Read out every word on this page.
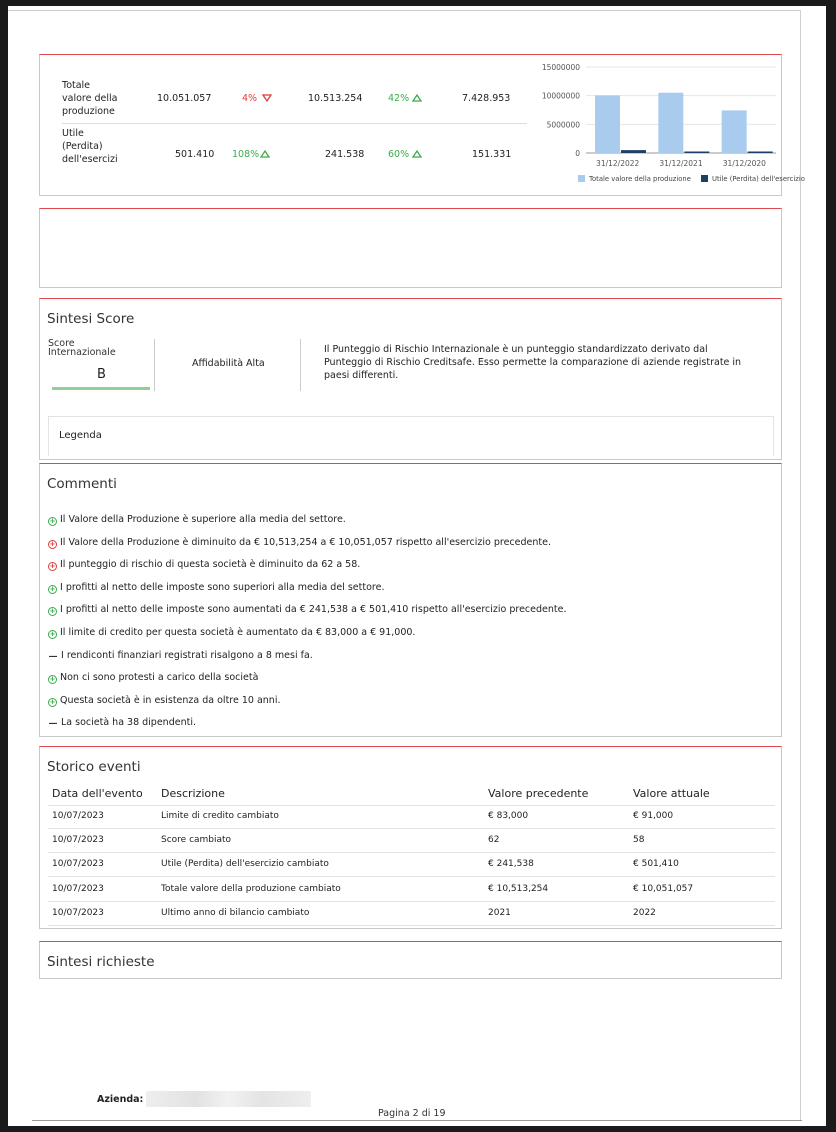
Totale
valore della
produzione
10.051.057	4%	10.513.254	42%	7.428.953
Utile
(Perdita)
dell'esercizi	501.410 108%	241.538 60%	151.331
15000000
10000000
5000000
0
31/12/2022	31/12/2021	31/12/2020
Totale valore della produzione	Utile (Perdita) dell'esercizio
Sintesi Score
Score Internazionale
B
Affidabilità Alta
Il Punteggio di Rischio Internazionale è un punteggio standardizzato derivato dal Punteggio di Rischio Creditsafe. Esso permette la comparazione di aziende registrate in paesi differenti.
Legenda
Commenti
+ Il Valore della Produzione è superiore alla media del settore.
+ Il Valore della Produzione è diminuito da € 10,513,254 a € 10,051,057 rispetto all'esercizio precedente.
+ Il punteggio di rischio di questa società è diminuito da 62 a 58.
+ I profitti al netto delle imposte sono superiori alla media del settore.
+ I profitti al netto delle imposte sono aumentati da € 241,538 a € 501,410 rispetto all'esercizio precedente.
+ Il limite di credito per questa società è aumentato da € 83,000 a € 91,000.
— I rendiconti finanziari registrati risalgono a 8 mesi fa.
+ Non ci sono protesti a carico della società
+ Questa società è in esistenza da oltre 10 anni.
— La società ha 38 dipendenti.
Storico eventi
Data dell'evento Descrizione	Valore precedente	Valore attuale
10/07/2023	Limite di credito cambiato	€ 83,000	€ 91,000
10/07/2023	Score cambiato	62	58
10/07/2023	Utile (Perdita) dell'esercizio cambiato	€ 241,538	€ 501,410
10/07/2023	Totale valore della produzione cambiato	€ 10,513,254	€ 10,051,057
10/07/2023	Ultimo anno di bilancio cambiato	2021	2022
Sintesi richieste
Azienda:
Pagina 2 di 19
